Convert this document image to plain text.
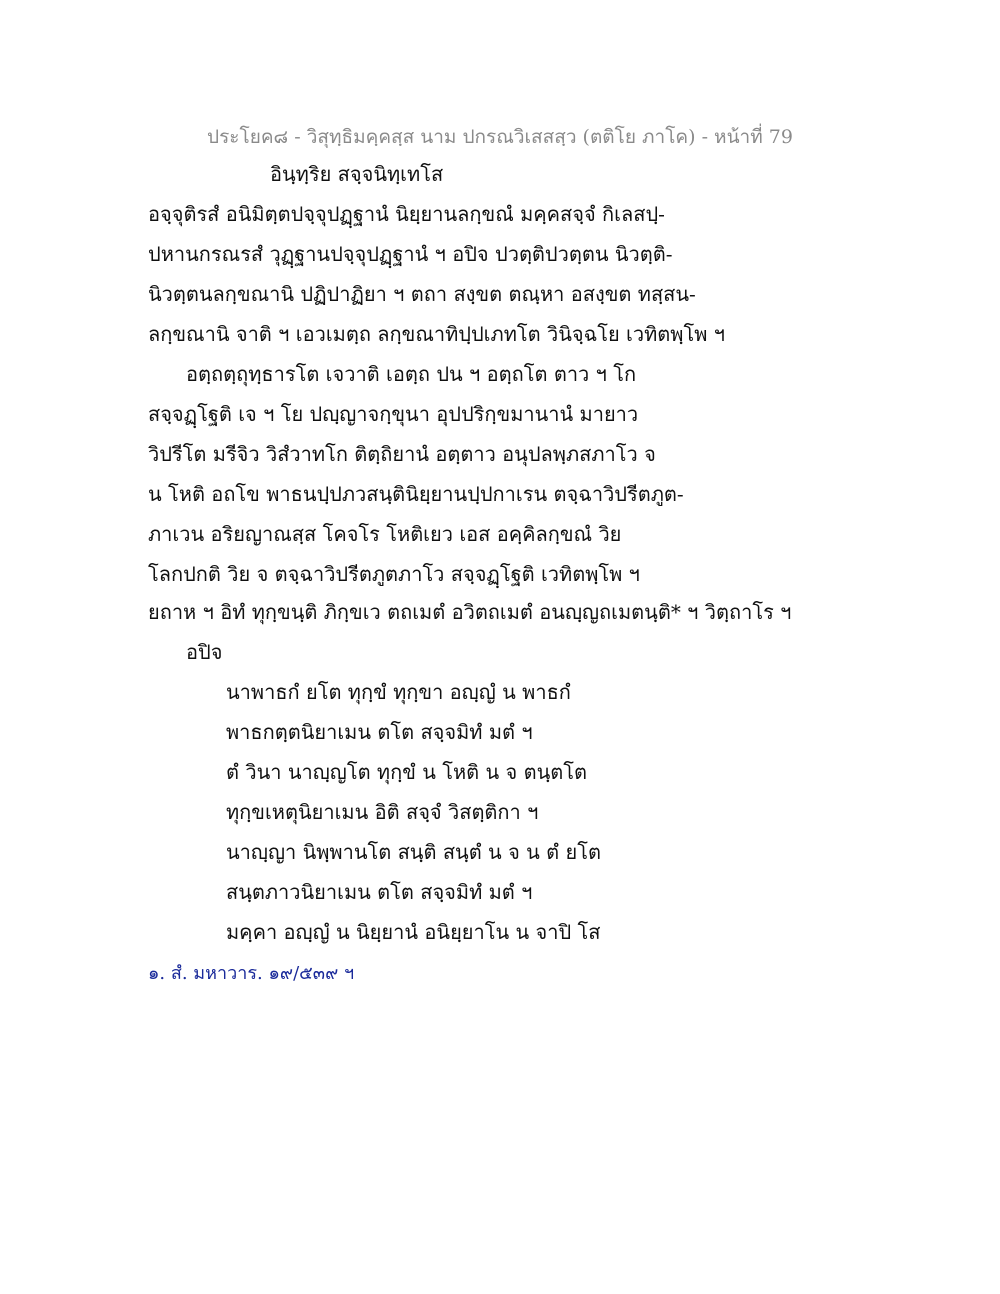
ประโยค๘ - วิสุทฺธิมคฺคสฺส นาม ปกรณวิเสสสฺว (ตติโย ภาโค) - หน้าที่ 79
อินฺทฺริย สจฺจนิทฺเทโส
อจฺจุติรสํ อนิมิตฺตปจฺจุปฏฺฐานํ นิยฺยานลกฺขณํ มคฺคสจฺจํ กิเลสปฺ-
ปหานกรณรสํ วุฏฺฐานปจฺจุปฏฺฐานํ ฯ อปิจ ปวตฺติปวตฺตน นิวตฺติ-
นิวตฺตนลกฺขณานิ ปฏิปาฏิยา ฯ ตถา สงฺขต ตณฺหา อสงฺขต ทสฺสน-
ลกฺขณานิ จาติ ฯ เอวเมตฺถ ลกฺขณาทิปฺปเภทโต วินิจฺฉโย เวทิตพฺโพ ฯ
อตฺถตฺถุทฺธารโต เจวาติ เอตฺถ ปน ฯ อตฺถโต ตาว ฯ โก
สจฺจฏฺโฐติ เจ ฯ โย ปญฺญาจกฺขุนา อุปปริกฺขมานานํ มายาว
วิปรีโต มรีจิว วิสํวาทโก ติตฺถิยานํ อตฺตาว อนุปลพฺภสภาโว จ
น โหติ อถโข พาธนปฺปภวสนฺตินิยฺยานปฺปกาเรน ตจฺฉาวิปรีตภูต-
ภาเวน อริยญาณสฺส โคจโร โหติเยว เอส อคฺคิลกฺขณํ วิย
โลกปกติ วิย จ ตจฺฉาวิปรีตภูตภาโว สจฺจฏฺโฐติ เวทิตพฺโพ ฯ
ยถาห ฯ อิทํ ทุกฺขนฺติ ภิกฺขเว ตถเมตํ อวิตถเมตํ อนญฺญถเมตนฺติ* ฯ วิตฺถาโร ฯ
อปิจ
นาพาธกํ ยโต ทุกฺขํ ทุกฺขา อญฺญํ น พาธกํ
พาธกตฺตนิยาเมน ตโต สจฺจมิทํ มตํ ฯ
ตํ วินา นาญฺญโต ทุกฺขํ น โหติ น จ ตนฺตโต
ทุกฺขเหตุนิยาเมน อิติ สจฺจํ วิสตฺติกา ฯ
นาญฺญา นิพฺพานโต สนฺติ สนฺตํ น จ น ตํ ยโต
สนฺตภาวนิยาเมน ตโต สจฺจมิทํ มตํ ฯ
มคฺคา อญฺญํ น นิยฺยานํ อนิยฺยาโน น จาปิ โส
๑. สํ. มหาวาร. ๑๙/๕๓๙ ฯ
